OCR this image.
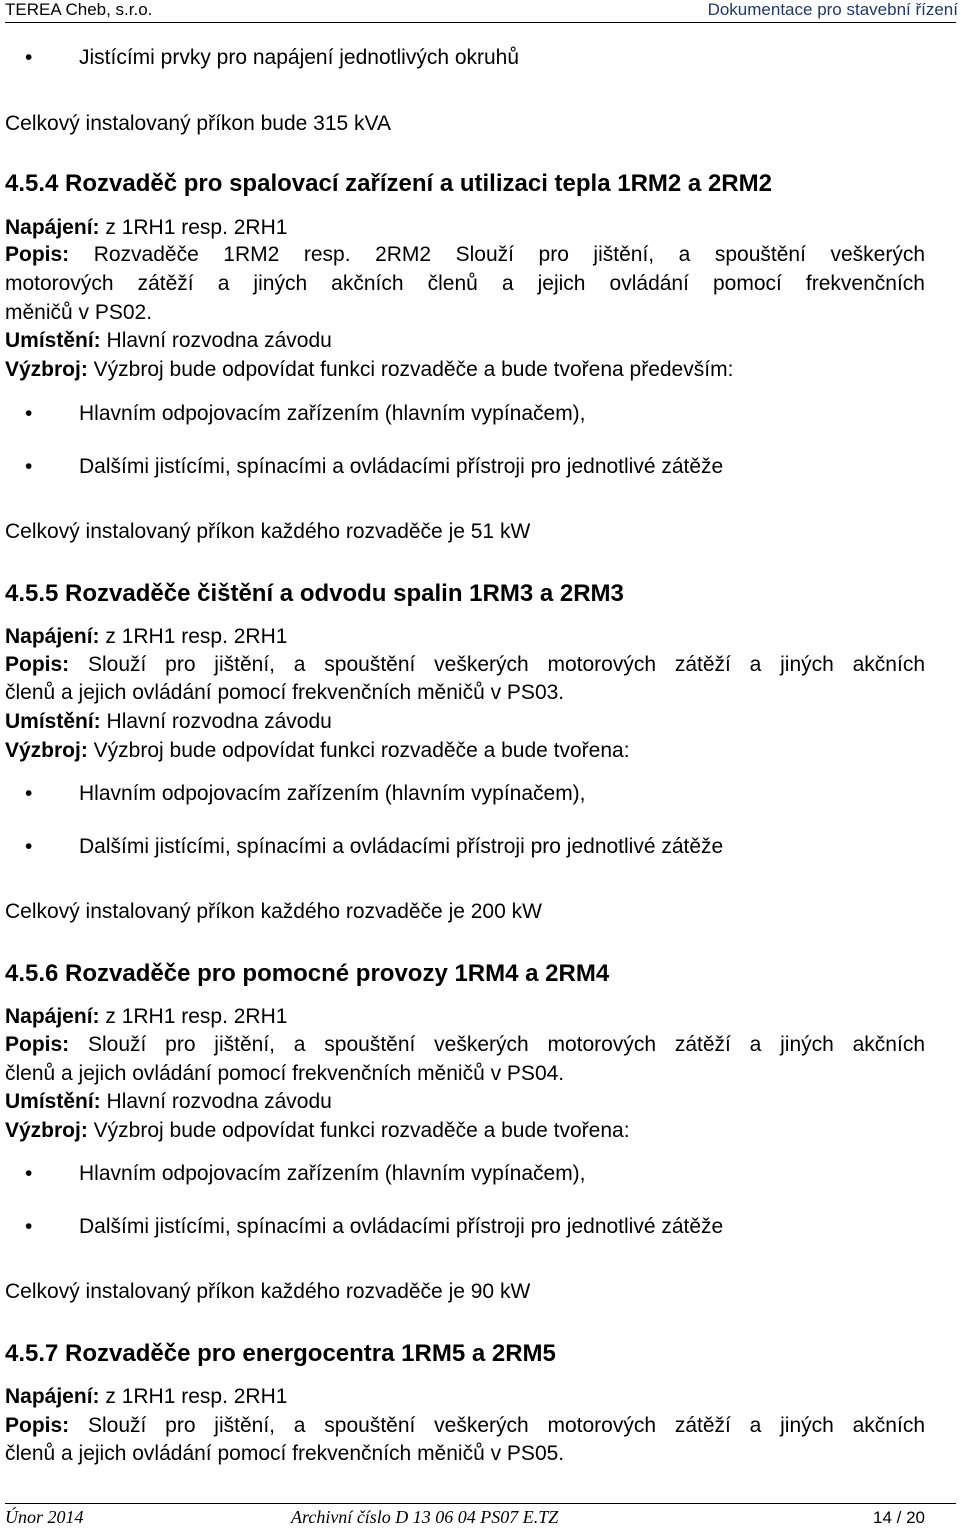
TEREA Cheb, s.r.o.	Dokumentace pro stavební řízení
• Jistícími prvky pro napájení jednotlivých okruhů
Celkový instalovaný příkon bude 315 kVA
4.5.4 Rozvaděč pro spalovací zařízení a utilizaci tepla 1RM2 a 2RM2
Napájení: z 1RH1 resp. 2RH1
Popis: Rozvaděče 1RM2 resp. 2RM2 Slouží pro jištění, a spouštění veškerých
motorových zátěží a jiných akčních členů a jejich ovládání pomocí frekvenčních
měničů v PS02.
Umístění: Hlavní rozvodna závodu
Výzbroj: Výzbroj bude odpovídat funkci rozvaděče a bude tvořena především:
• Hlavním odpojovacím zařízením (hlavním vypínačem),
• Dalšími jistícími, spínacími a ovládacími přístroji pro jednotlivé zátěže
Celkový instalovaný příkon každého rozvaděče je 51 kW
4.5.5 Rozvaděče čištění a odvodu spalin 1RM3 a 2RM3
Napájení: z 1RH1 resp. 2RH1
Popis: Slouží pro jištění, a spouštění veškerých motorových zátěží a jiných akčních
členů a jejich ovládání pomocí frekvenčních měničů v PS03.
Umístění: Hlavní rozvodna závodu
Výzbroj: Výzbroj bude odpovídat funkci rozvaděče a bude tvořena:
• Hlavním odpojovacím zařízením (hlavním vypínačem),
• Dalšími jistícími, spínacími a ovládacími přístroji pro jednotlivé zátěže
Celkový instalovaný příkon každého rozvaděče je 200 kW
4.5.6 Rozvaděče pro pomocné provozy 1RM4 a 2RM4
Napájení: z 1RH1 resp. 2RH1
Popis: Slouží pro jištění, a spouštění veškerých motorových zátěží a jiných akčních
členů a jejich ovládání pomocí frekvenčních měničů v PS04.
Umístění: Hlavní rozvodna závodu
Výzbroj: Výzbroj bude odpovídat funkci rozvaděče a bude tvořena:
• Hlavním odpojovacím zařízením (hlavním vypínačem),
• Dalšími jistícími, spínacími a ovládacími přístroji pro jednotlivé zátěže
Celkový instalovaný příkon každého rozvaděče je 90 kW
4.5.7 Rozvaděče pro energocentra 1RM5 a 2RM5
Napájení: z 1RH1 resp. 2RH1
Popis: Slouží pro jištění, a spouštění veškerých motorových zátěží a jiných akčních
členů a jejich ovládání pomocí frekvenčních měničů v PS05.
Únor 2014	Archivní číslo D 13 06 04 PS07 E.TZ	14 / 20
